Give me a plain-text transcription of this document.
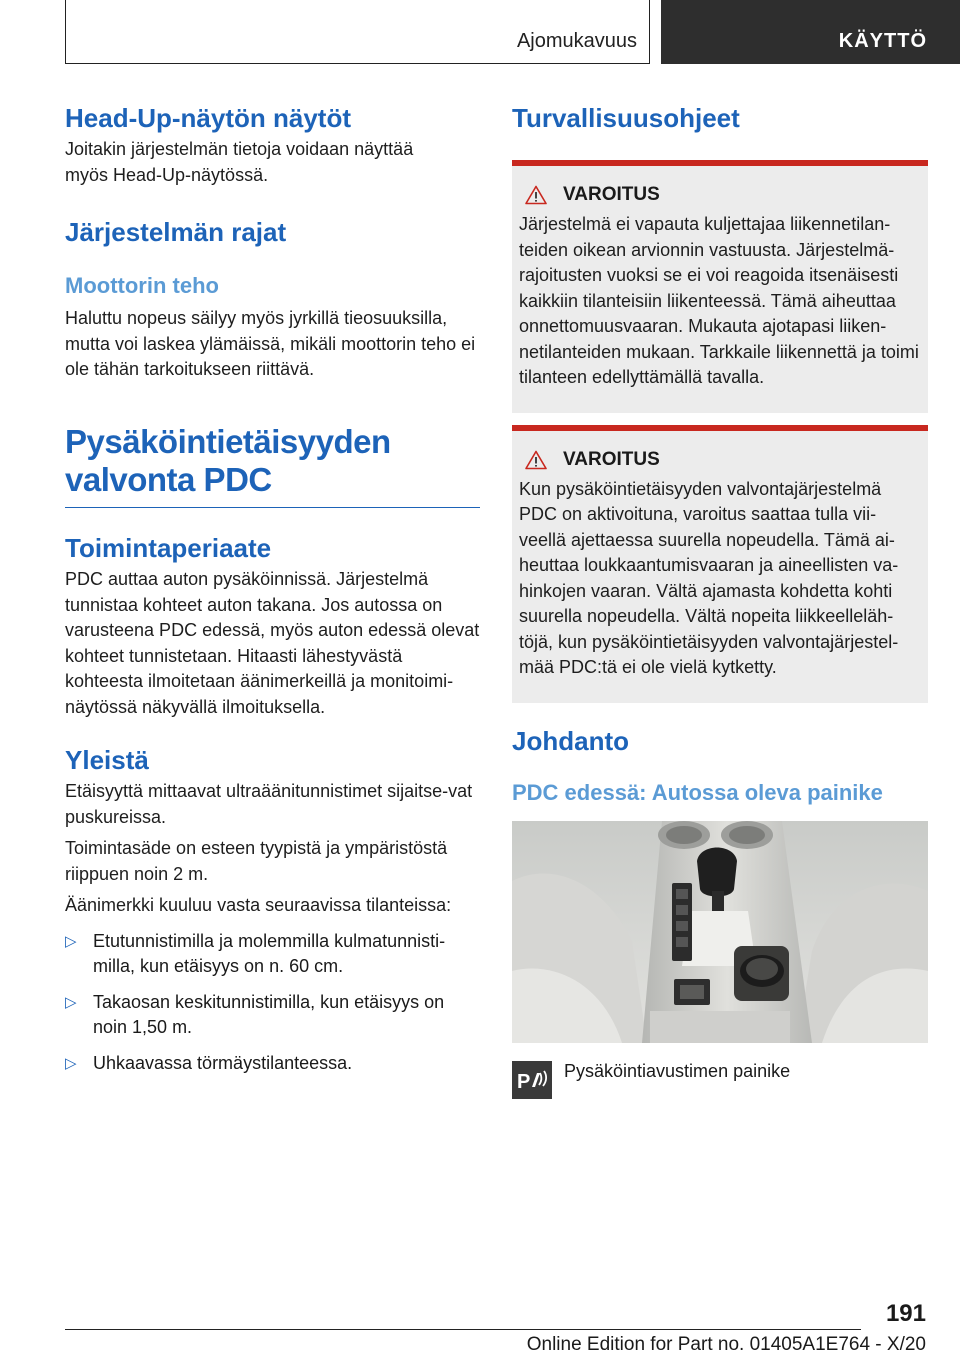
Ajomukavuus	KÄYTTÖ
Head-Up-näytön näytöt
Joitakin järjestelmän tietoja voidaan näyttää myös Head-Up-näytössä.
Järjestelmän rajat
Moottorin teho
Haluttu nopeus säilyy myös jyrkillä tieosuuksilla, mutta voi laskea ylämäissä, mikäli moottorin teho ei ole tähän tarkoitukseen riittävä.
Pysäköintietäisyyden
valvonta PDC
Toimintaperiaate
PDC auttaa auton pysäköinnissä. Järjestelmä tunnistaa kohteet auton takana. Jos autossa on varusteena PDC edessä, myös auton edessä olevat kohteet tunnistetaan. Hitaasti lähestyvästä kohteesta ilmoitetaan äänimerkeillä ja monitoimi-näytössä näkyvällä ilmoituksella.
Yleistä
Etäisyyttä mittaavat ultraäänitunnistimet sijaitse-vat puskureissa.
Toimintasäde on esteen tyypistä ja ympäristöstä riippuen noin 2 m.
Äänimerkki kuuluu vasta seuraavissa tilanteissa:
▷ Etutunnistimilla ja molemmilla kulmatunnisti-milla, kun etäisyys on n. 60 cm.
▷ Takaosan keskitunnistimilla, kun etäisyys on noin 1,50 m.
▷ Uhkaavassa törmäystilanteessa.
Turvallisuusohjeet
VAROITUS
Järjestelmä ei vapauta kuljettajaa liikennetilan-teiden oikean arvionnin vastuusta. Järjestelmä-rajoitusten vuoksi se ei voi reagoida itsenäisesti kaikkiin tilanteisiin liikenteessä. Tämä aiheuttaa onnettomuusvaaran. Mukauta ajotapasi liiken-netilanteiden mukaan. Tarkkaile liikennettä ja toimi tilanteen edellyttämällä tavalla.
VAROITUS
Kun pysäköintietäisyyden valvontajärjestelmä PDC on aktivoituna, varoitus saattaa tulla vii-veellä ajettaessa suurella nopeudella. Tämä ai-heuttaa loukkaantumisvaaran ja aineellisten va-hinkojen vaaran. Vältä ajamasta kohdetta kohti suurella nopeudella. Vältä nopeita liikkeelleläh-töjä, kun pysäköintietäisyyden valvontajärjestel-mää PDC:tä ei ole vielä kytketty.
Johdanto
PDC edessä: Autossa oleva painike
P Pysäköintiavustimen painike
191
Online Edition for Part no. 01405A1E764 - X/20
